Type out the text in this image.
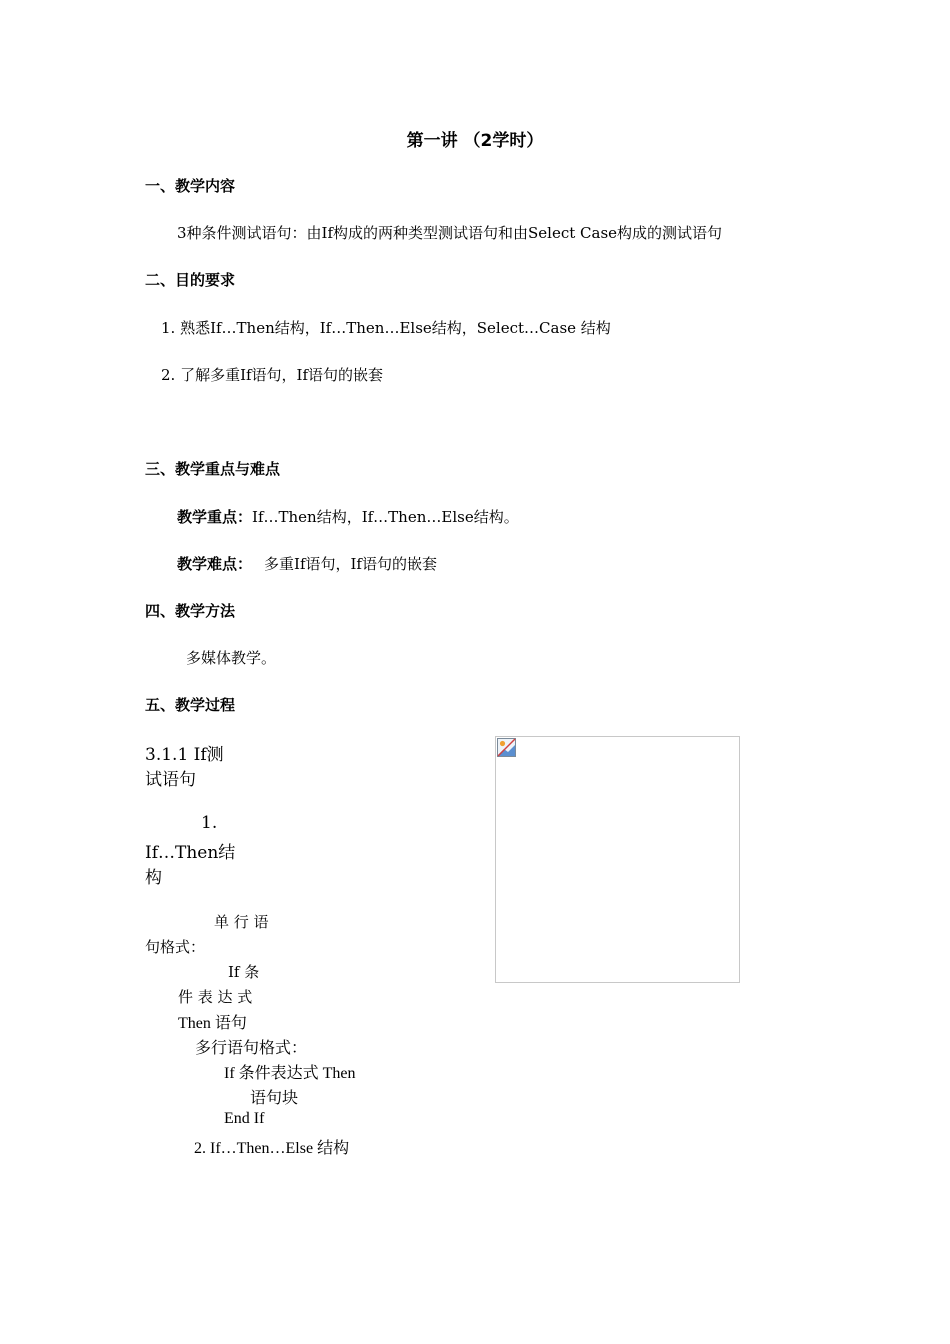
第一讲 （2学时）
一、教学内容
3种条件测试语句：由If构成的两种类型测试语句和由Select Case构成的测试语句
二、目的要求
1. 熟悉If…Then结构，If…Then…Else结构，Select…Case 结构
2. 了解多重If语句，If语句的嵌套
三、教学重点与难点
教学重点：If…Then结构，If…Then…Else结构。
教学难点： 多重If语句，If语句的嵌套
四、教学方法
多媒体教学。
五、教学过程
3.1.1 If测
试语句
1.
If…Then结
构
单 行 语
句格式：
If 条
件 表 达 式
Then 语句
多行语句格式：
If 条件表达式 Then
语句块
End If
2. If…Then…Else 结构
